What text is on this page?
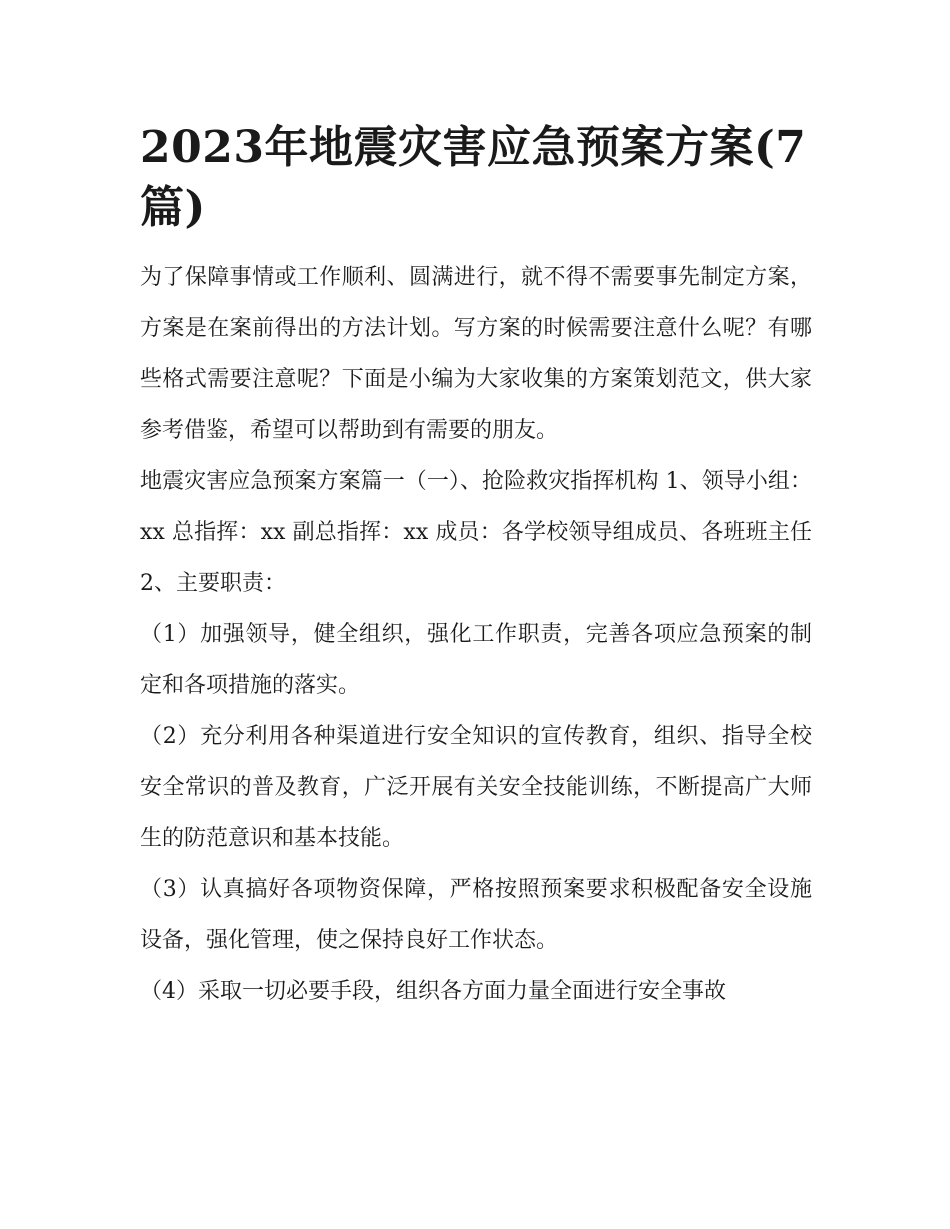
2023年地震灾害应急预案方案(7篇)

为了保障事情或工作顺利、圆满进行，就不得不需要事先制定方案，方案是在案前得出的方法计划。写方案的时候需要注意什么呢？有哪些格式需要注意呢？下面是小编为大家收集的方案策划范文，供大家参考借鉴，希望可以帮助到有需要的朋友。

地震灾害应急预案方案篇一（一）、抢险救灾指挥机构 1、领导小组：xx 总指挥：xx 副总指挥：xx 成员：各学校领导组成员、各班班主任 2、主要职责：

（1）加强领导，健全组织，强化工作职责，完善各项应急预案的制定和各项措施的落实。

（2）充分利用各种渠道进行安全知识的宣传教育，组织、指导全校安全常识的普及教育，广泛开展有关安全技能训练，不断提高广大师生的防范意识和基本技能。

（3）认真搞好各项物资保障，严格按照预案要求积极配备安全设施设备，强化管理，使之保持良好工作状态。

（4）采取一切必要手段，组织各方面力量全面进行安全事故
